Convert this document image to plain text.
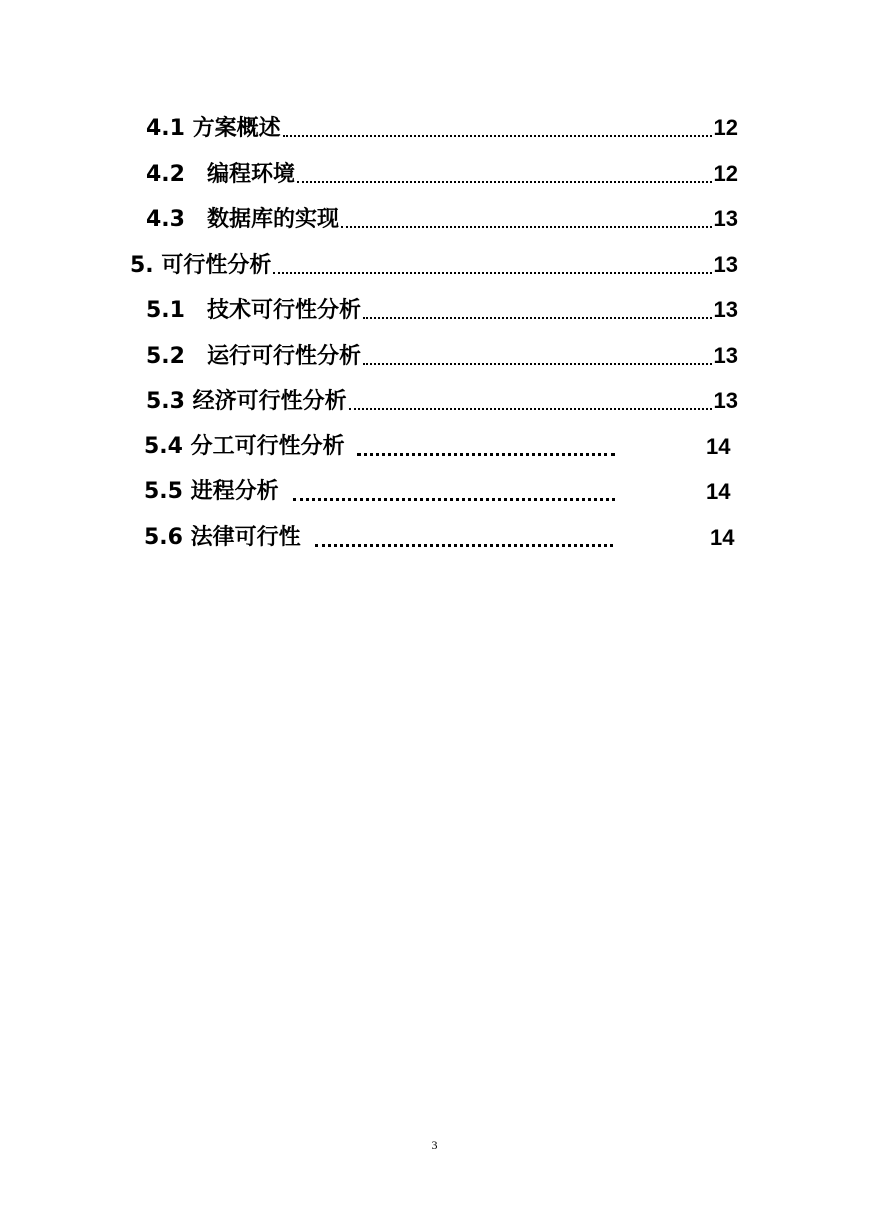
4.1 方案概述	12
4.2　编程环境	12
4.3　数据库的实现	13
5. 可行性分析	13
5.1　技术可行性分析	13
5.2　运行可行性分析	13
5.3 经济可行性分析	13
5.4 分工可行性分析	14
5.5 进程分析	14
5.6 法律可行性	14
3
